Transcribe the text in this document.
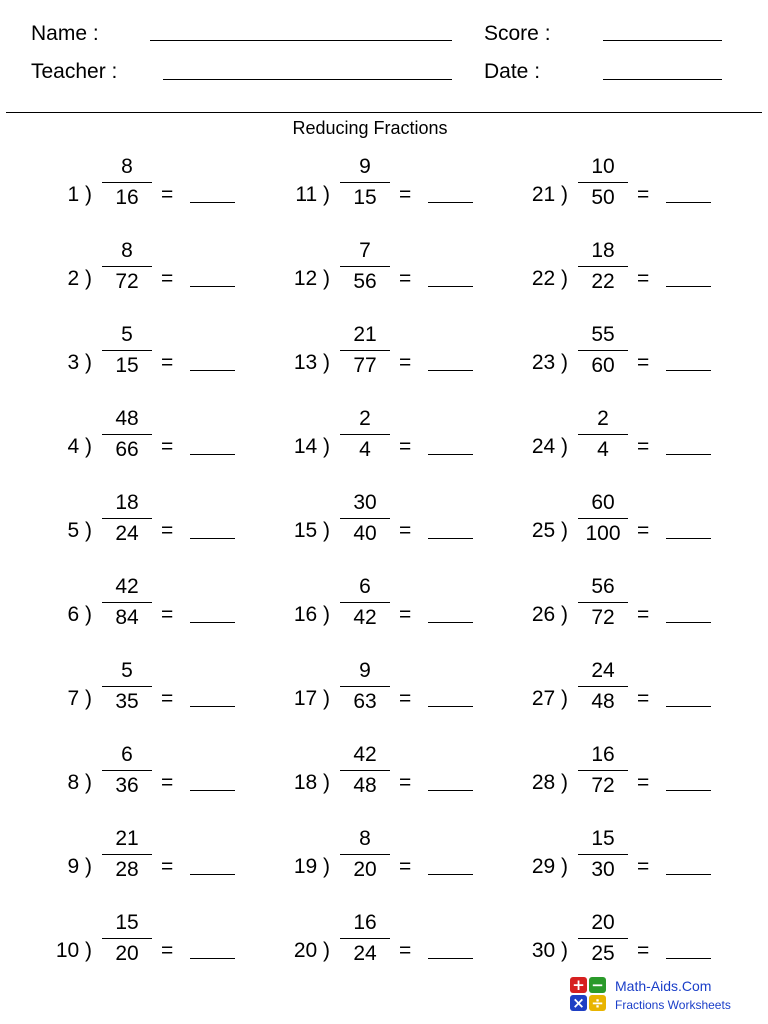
Name :
Teacher :
Score :
Date :
Reducing Fractions
1 ) $\frac{8}{16}$ =
2 ) $\frac{8}{72}$ =
3 ) $\frac{5}{15}$ =
4 ) $\frac{48}{66}$ =
5 ) $\frac{18}{24}$ =
6 ) $\frac{42}{84}$ =
7 ) $\frac{5}{35}$ =
8 ) $\frac{6}{36}$ =
9 ) $\frac{21}{28}$ =
10 ) $\frac{15}{20}$ =
11 ) $\frac{9}{15}$ =
12 ) $\frac{7}{56}$ =
13 ) $\frac{21}{77}$ =
14 ) $\frac{2}{4}$ =
15 ) $\frac{30}{40}$ =
16 ) $\frac{6}{42}$ =
17 ) $\frac{9}{63}$ =
18 ) $\frac{42}{48}$ =
19 ) $\frac{8}{20}$ =
20 ) $\frac{16}{24}$ =
21 ) $\frac{10}{50}$ =
22 ) $\frac{18}{22}$ =
23 ) $\frac{55}{60}$ =
24 ) $\frac{2}{4}$ =
25 ) $\frac{60}{100}$ =
26 ) $\frac{56}{72}$ =
27 ) $\frac{24}{48}$ =
28 ) $\frac{16}{72}$ =
29 ) $\frac{15}{30}$ =
30 ) $\frac{20}{25}$ =
+ −
× ÷
Math-Aids.Com
Fractions Worksheets
